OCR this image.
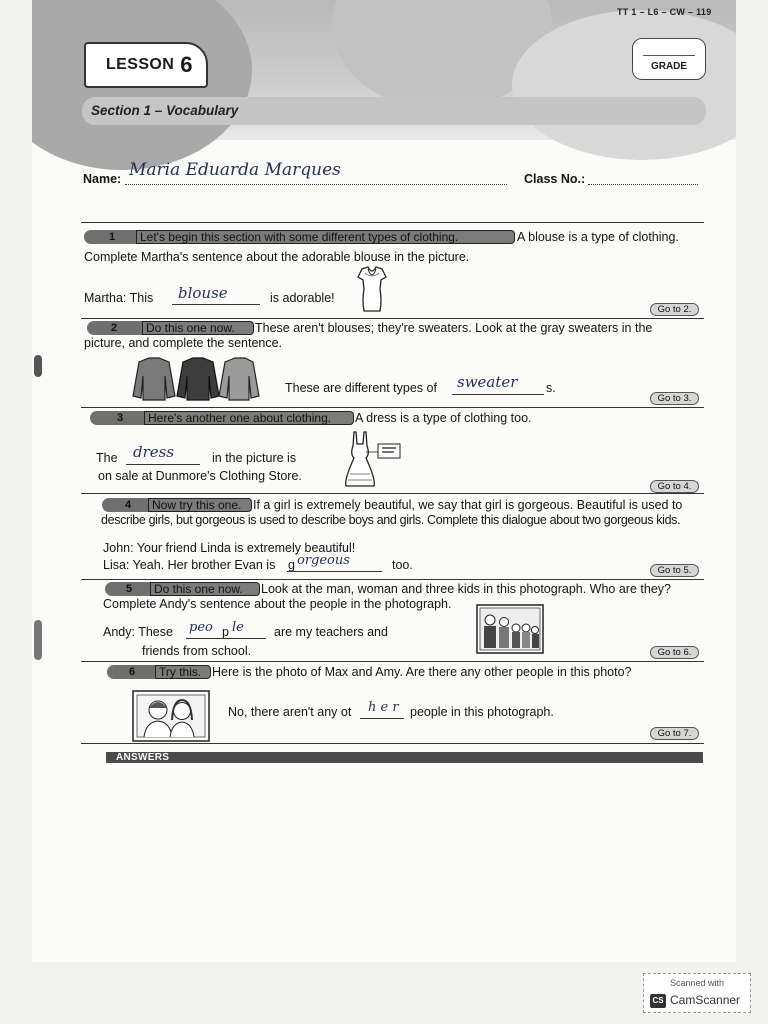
TT 1 – L6 – CW – 119
LESSON 6	GRADE
Section 1 – Vocabulary
Name: Maria Eduarda Marques	Class No.:
1	Let's begin this section with some different types of clothing.	A blouse is a type of clothing.
Complete Martha's sentence about the adorable blouse in the picture.
Martha: This blouse	is adorable!
Go to 2.
2	Do this one now.	These aren't blouses; they're sweaters. Look at the gray sweaters in the
picture, and complete the sentence.
These are different types of sweater s.
Go to 3.
3	Here's another one about clothing.	A dress is a type of clothing too.
The dress	in the picture is
on sale at Dunmore's Clothing Store.
Go to 4.
4	Now try this one. If a girl is extremely beautiful, we say that girl is gorgeous. Beautiful is used to
describe girls, but gorgeous is used to describe boys and girls. Complete this dialogue about two gorgeous kids.
John: Your friend Linda is extremely beautiful!
Lisa: Yeah. Her brother Evan is g orgeous	too.	Go to 5.
5	Do this one now.	Look at the man, woman and three kids in this photograph. Who are they?
Complete Andy's sentence about the people in the photograph.
Andy: These peo p le are my teachers and
friends from school.	Go to 6.
6	Try this. Here is the photo of Max and Amy. Are there any other people in this photo?
No, there aren't any ot h e r people in this photograph.
Go to 7.
ANSWERS
Scanned with
CS CamScanner
